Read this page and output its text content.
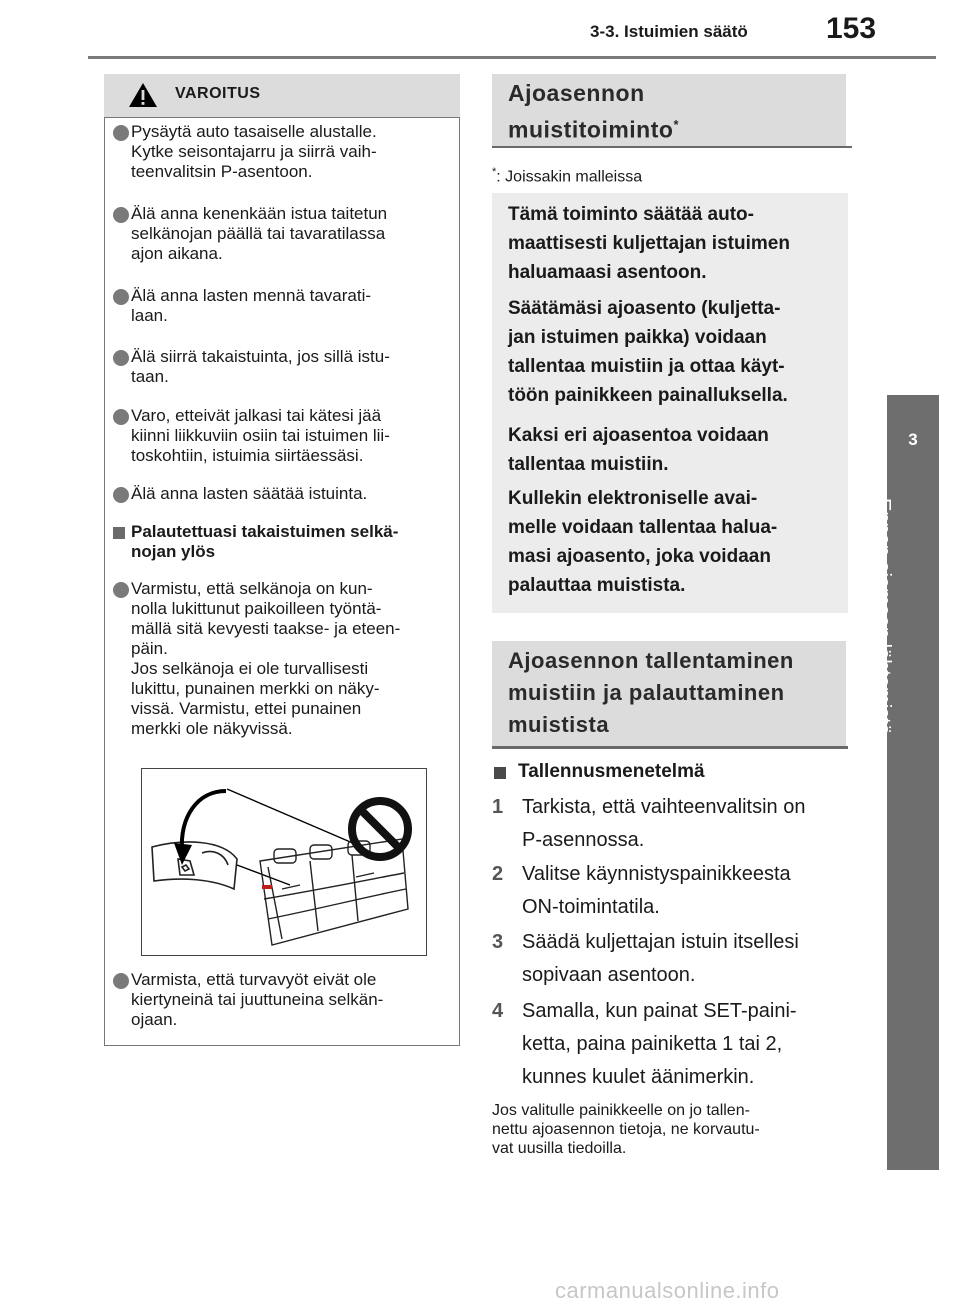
3-3. Istuimien säätö	153
3
Ennen ajamaan lähtemistä
VAROITUS
Pysäytä auto tasaiselle alustalle.
Kytke seisontajarru ja siirrä vaih-
teenvalitsin P-asentoon.
Älä anna kenenkään istua taitetun
selkänojan päällä tai tavaratilassa
ajon aikana.
Älä anna lasten mennä tavarati-
laan.
Älä siirrä takaistuinta, jos sillä istu-
taan.
Varo, etteivät jalkasi tai kätesi jää
kiinni liikkuviin osiin tai istuimen lii-
toskohtiin, istuimia siirtäessäsi.
Älä anna lasten säätää istuinta.
Palautettuasi takaistuimen selkä-
nojan ylös
Varmistu, että selkänoja on kun-
nolla lukittunut paikoilleen työntä-
mällä sitä kevyesti taakse- ja eteen-
päin.
Jos selkänoja ei ole turvallisesti
lukittu, punainen merkki on näky-
vissä. Varmistu, ettei punainen
merkki ole näkyvissä.
Varmista, että turvavyöt eivät ole
kiertyneinä tai juuttuneina selkän-
ojaan.
Ajoasennon
muistitoiminto*
*: Joissakin malleissa
Tämä toiminto säätää auto-
maattisesti kuljettajan istuimen
haluamaasi asentoon.
Säätämäsi ajoasento (kuljetta-
jan istuimen paikka) voidaan
tallentaa muistiin ja ottaa käyt-
töön painikkeen painalluksella.
Kaksi eri ajoasentoa voidaan
tallentaa muistiin.
Kullekin elektroniselle avai-
melle voidaan tallentaa halua-
masi ajoasento, joka voidaan
palauttaa muistista.
Ajoasennon tallentaminen
muistiin ja palauttaminen
muistista
Tallennusmenetelmä
1 Tarkista, että vaihteenvalitsin on
P-asennossa.
2 Valitse käynnistyspainikkeesta
ON-toimintatila.
3 Säädä kuljettajan istuin itsellesi
sopivaan asentoon.
4 Samalla, kun painat SET-paini-
ketta, paina painiketta 1 tai 2,
kunnes kuulet äänimerkin.
Jos valitulle painikkeelle on jo tallen-
nettu ajoasennon tietoja, ne korvautu-
vat uusilla tiedoilla.
carmanualsonline.info
